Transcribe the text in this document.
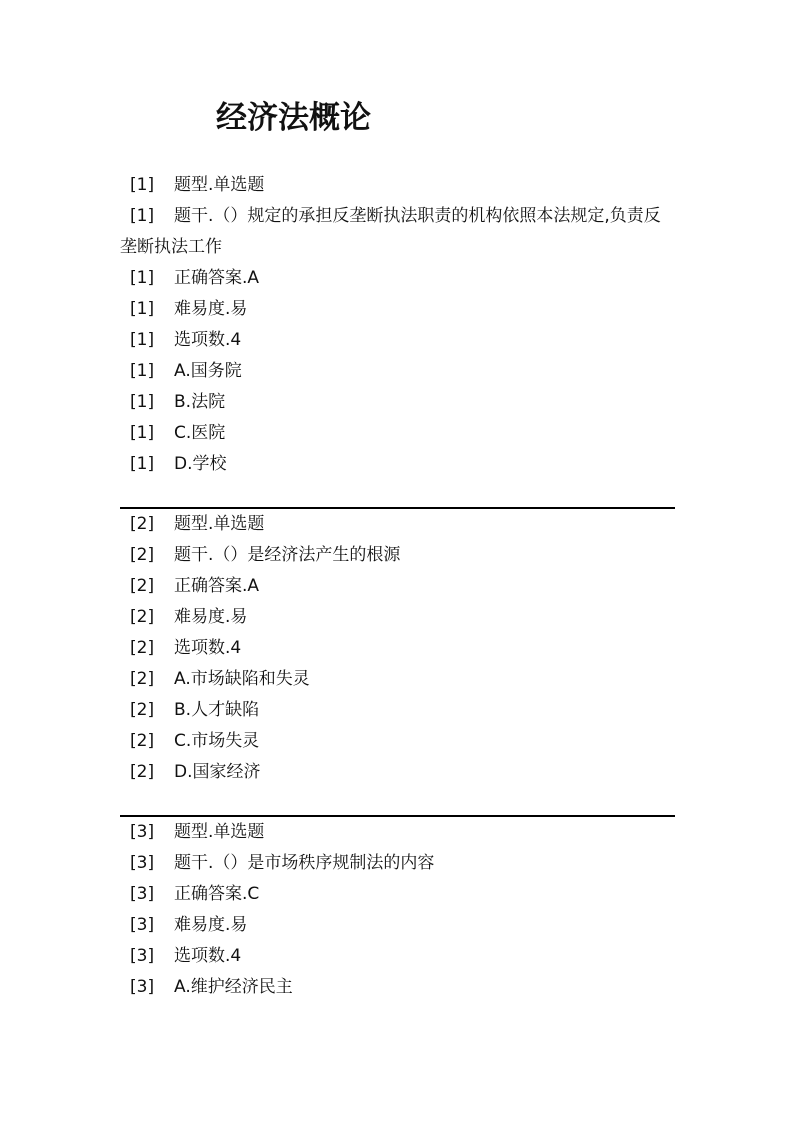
经济法概论

[1] 题型.单选题

[1] 题干.（）规定的承担反垄断执法职责的机构依照本法规定,负责反垄断执法工作

[1] 正确答案.A

[1] 难易度.易

[1] 选项数.4

[1] A.国务院

[1] B.法院

[1] C.医院

[1] D.学校

[2] 题型.单选题

[2] 题干.（）是经济法产生的根源

[2] 正确答案.A

[2] 难易度.易

[2] 选项数.4

[2] A.市场缺陷和失灵

[2] B.人才缺陷

[2] C.市场失灵

[2] D.国家经济

[3] 题型.单选题

[3] 题干.（）是市场秩序规制法的内容

[3] 正确答案.C

[3] 难易度.易

[3] 选项数.4

[3] A.维护经济民主
